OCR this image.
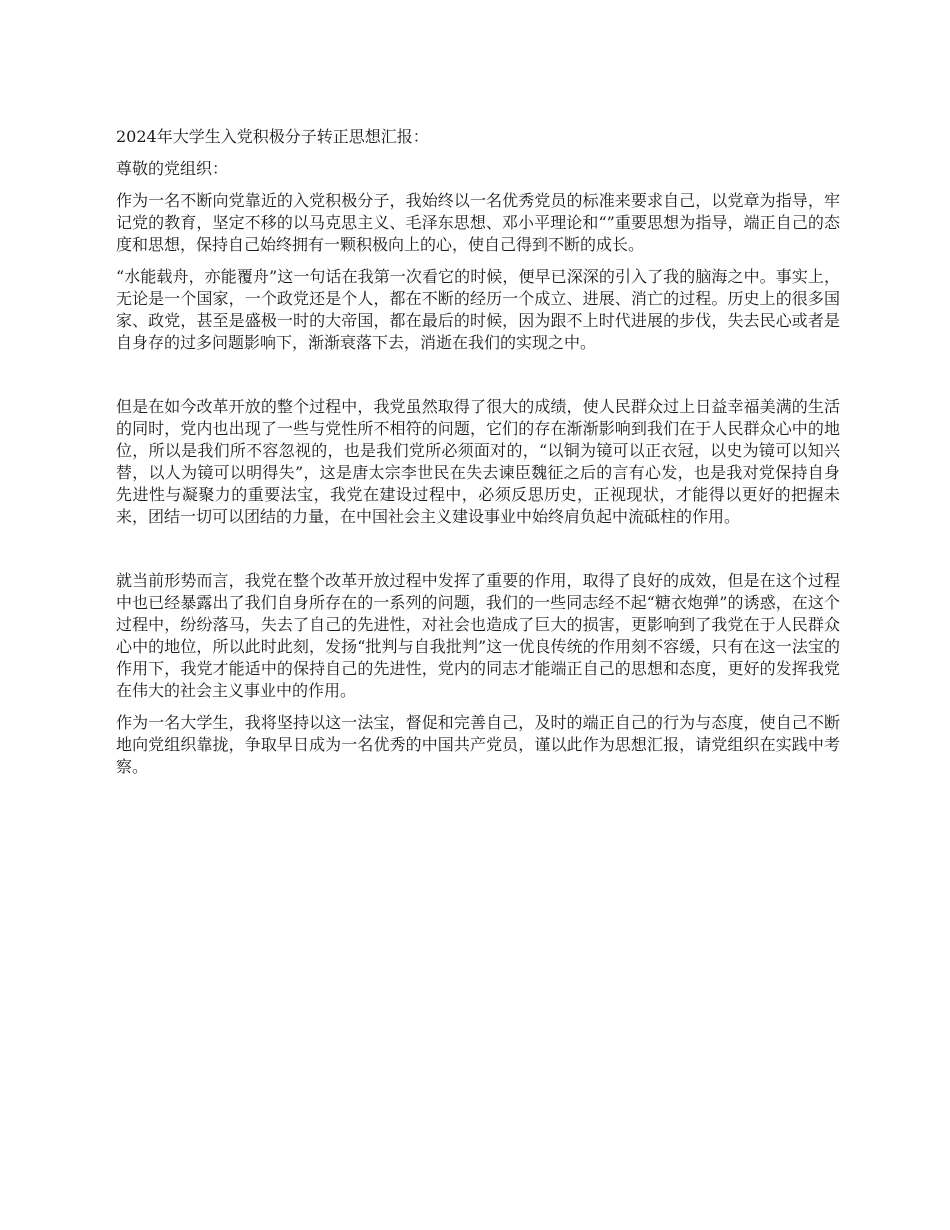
2024年大学生入党积极分子转正思想汇报：

尊敬的党组织：

作为一名不断向党靠近的入党积极分子，我始终以一名优秀党员的标准来要求自己，以党章为指导，牢记党的教育，坚定不移的以马克思主义、毛泽东思想、邓小平理论和“”重要思想为指导，端正自己的态度和思想，保持自己始终拥有一颗积极向上的心，使自己得到不断的成长。

“水能载舟，亦能覆舟”这一句话在我第一次看它的时候，便早已深深的引入了我的脑海之中。事实上，无论是一个国家，一个政党还是个人，都在不断的经历一个成立、进展、消亡的过程。历史上的很多国家、政党，甚至是盛极一时的大帝国，都在最后的时候，因为跟不上时代进展的步伐，失去民心或者是自身存的过多问题影响下，渐渐衰落下去，消逝在我们的实现之中。

但是在如今改革开放的整个过程中，我党虽然取得了很大的成绩，使人民群众过上日益幸福美满的生活的同时，党内也出现了一些与党性所不相符的问题，它们的存在渐渐影响到我们在于人民群众心中的地位，所以是我们所不容忽视的，也是我们党所必须面对的，“以铜为镜可以正衣冠，以史为镜可以知兴替，以人为镜可以明得失”，这是唐太宗李世民在失去谏臣魏征之后的言有心发，也是我对党保持自身先进性与凝聚力的重要法宝，我党在建设过程中，必须反思历史，正视现状，才能得以更好的把握未来，团结一切可以团结的力量，在中国社会主义建设事业中始终肩负起中流砥柱的作用。

就当前形势而言，我党在整个改革开放过程中发挥了重要的作用，取得了良好的成效，但是在这个过程中也已经暴露出了我们自身所存在的一系列的问题，我们的一些同志经不起“糖衣炮弹”的诱惑，在这个过程中，纷纷落马，失去了自己的先进性，对社会也造成了巨大的损害，更影响到了我党在于人民群众心中的地位，所以此时此刻，发扬“批判与自我批判”这一优良传统的作用刻不容缓，只有在这一法宝的作用下，我党才能适中的保持自己的先进性，党内的同志才能端正自己的思想和态度，更好的发挥我党在伟大的社会主义事业中的作用。

作为一名大学生，我将坚持以这一法宝，督促和完善自己，及时的端正自己的行为与态度，使自己不断地向党组织靠拢，争取早日成为一名优秀的中国共产党员，谨以此作为思想汇报，请党组织在实践中考察。
